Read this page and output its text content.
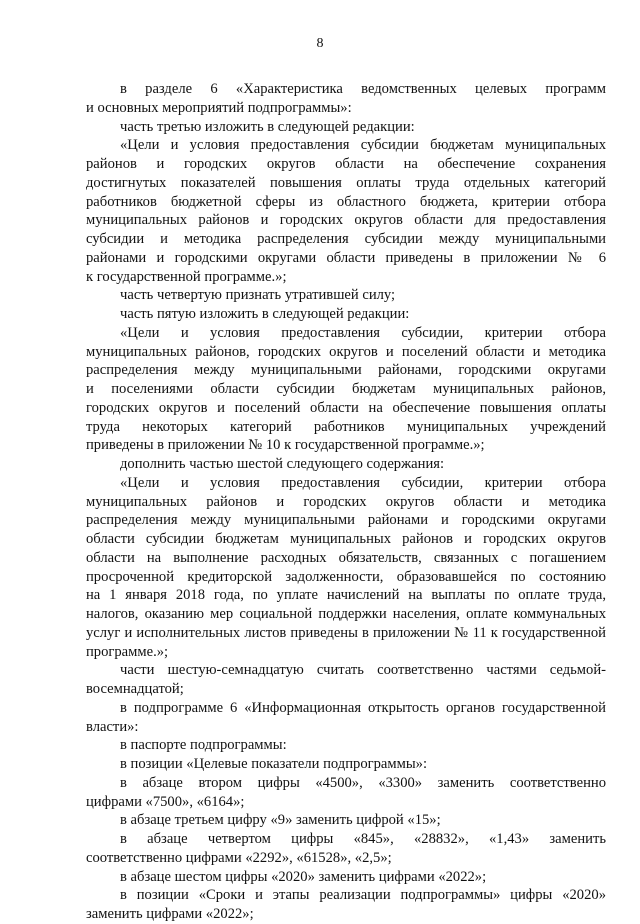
8
в разделе 6 «Характеристика ведомственных целевых программ
и основных мероприятий подпрограммы»:
часть третью изложить в следующей редакции:
«Цели и условия предоставления субсидии бюджетам муниципальных
районов и городских округов области на обеспечение сохранения
достигнутых показателей повышения оплаты труда отдельных категорий
работников бюджетной сферы из областного бюджета, критерии отбора
муниципальных районов и городских округов области для предоставления
субсидии и методика распределения субсидии между муниципальными
районами и городскими округами области приведены в приложении № 6
к государственной программе.»;
часть четвертую признать утратившей силу;
часть пятую изложить в следующей редакции:
«Цели и условия предоставления субсидии, критерии отбора
муниципальных районов, городских округов и поселений области и методика
распределения между муниципальными районами, городскими округами
и поселениями области субсидии бюджетам муниципальных районов,
городских округов и поселений области на обеспечение повышения оплаты
труда некоторых категорий работников муниципальных учреждений
приведены в приложении № 10 к государственной программе.»;
дополнить частью шестой следующего содержания:
«Цели и условия предоставления субсидии, критерии отбора
муниципальных районов и городских округов области и методика
распределения между муниципальными районами и городскими округами
области субсидии бюджетам муниципальных районов и городских округов
области на выполнение расходных обязательств, связанных с погашением
просроченной кредиторской задолженности, образовавшейся по состоянию
на 1 января 2018 года, по уплате начислений на выплаты по оплате труда,
налогов, оказанию мер социальной поддержки населения, оплате коммунальных
услуг и исполнительных листов приведены в приложении № 11 к государственной
программе.»;
части шестую-семнадцатую считать соответственно частями седьмой-
восемнадцатой;
в подпрограмме 6 «Информационная открытость органов государственной
власти»:
в паспорте подпрограммы:
в позиции «Целевые показатели подпрограммы»:
в абзаце втором цифры «4500», «3300» заменить соответственно
цифрами «7500», «6164»;
в абзаце третьем цифру «9» заменить цифрой «15»;
в абзаце четвертом цифры «845», «28832», «1,43» заменить
соответственно цифрами «2292», «61528», «2,5»;
в абзаце шестом цифры «2020» заменить цифрами «2022»;
в позиции «Сроки и этапы реализации подпрограммы» цифры «2020»
заменить цифрами «2022»;
